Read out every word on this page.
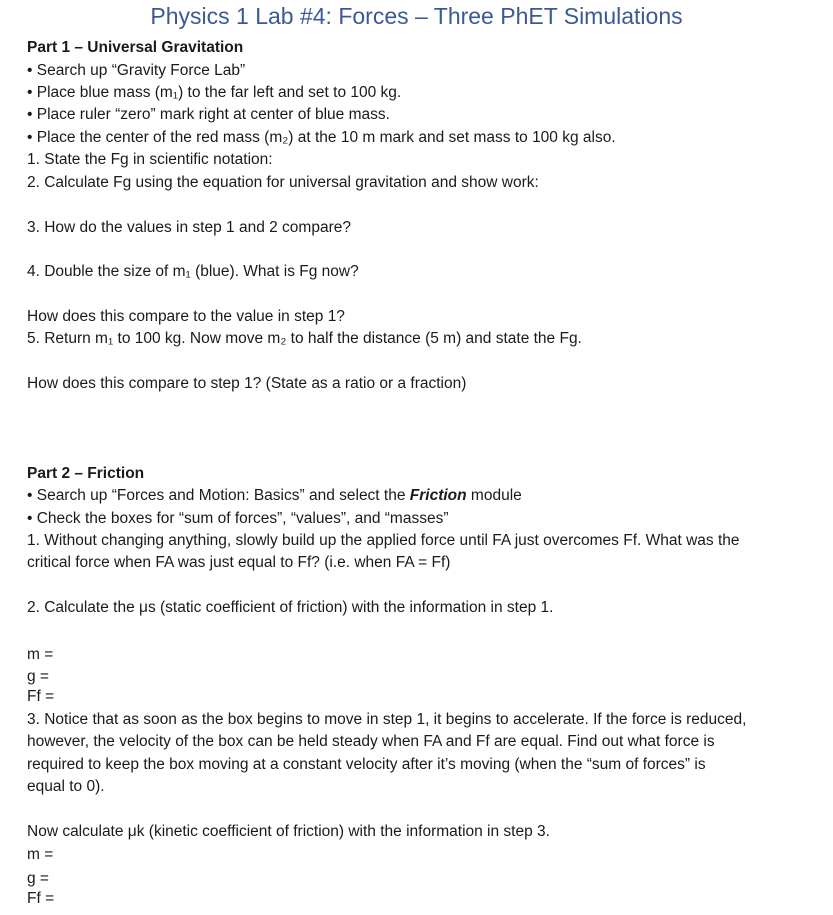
Physics 1 Lab #4: Forces – Three PhET Simulations
Part 1 – Universal Gravitation
• Search up “Gravity Force Lab”
• Place blue mass (m₁) to the far left and set to 100 kg.
• Place ruler “zero” mark right at center of blue mass.
• Place the center of the red mass (m₂) at the 10 m mark and set mass to 100 kg also.
1. State the Fg in scientific notation:
2. Calculate Fg using the equation for universal gravitation and show work:
3. How do the values in step 1 and 2 compare?
4. Double the size of m₁ (blue). What is Fg now?
How does this compare to the value in step 1?
5. Return m₁ to 100 kg. Now move m₂ to half the distance (5 m) and state the Fg.
How does this compare to step 1? (State as a ratio or a fraction)
Part 2 – Friction
• Search up “Forces and Motion: Basics” and select the Friction module
• Check the boxes for “sum of forces”, “values”, and “masses”
1. Without changing anything, slowly build up the applied force until FA just overcomes Ff. What was the
critical force when FA was just equal to Ff? (i.e. when FA = Ff)
2. Calculate the μs (static coefficient of friction) with the information in step 1.
m =
g =
Ff =
3. Notice that as soon as the box begins to move in step 1, it begins to accelerate. If the force is reduced,
however, the velocity of the box can be held steady when FA and Ff are equal. Find out what force is
required to keep the box moving at a constant velocity after it’s moving (when the “sum of forces” is
equal to 0).
Now calculate μk (kinetic coefficient of friction) with the information in step 3.
m =
g =
Ff =
